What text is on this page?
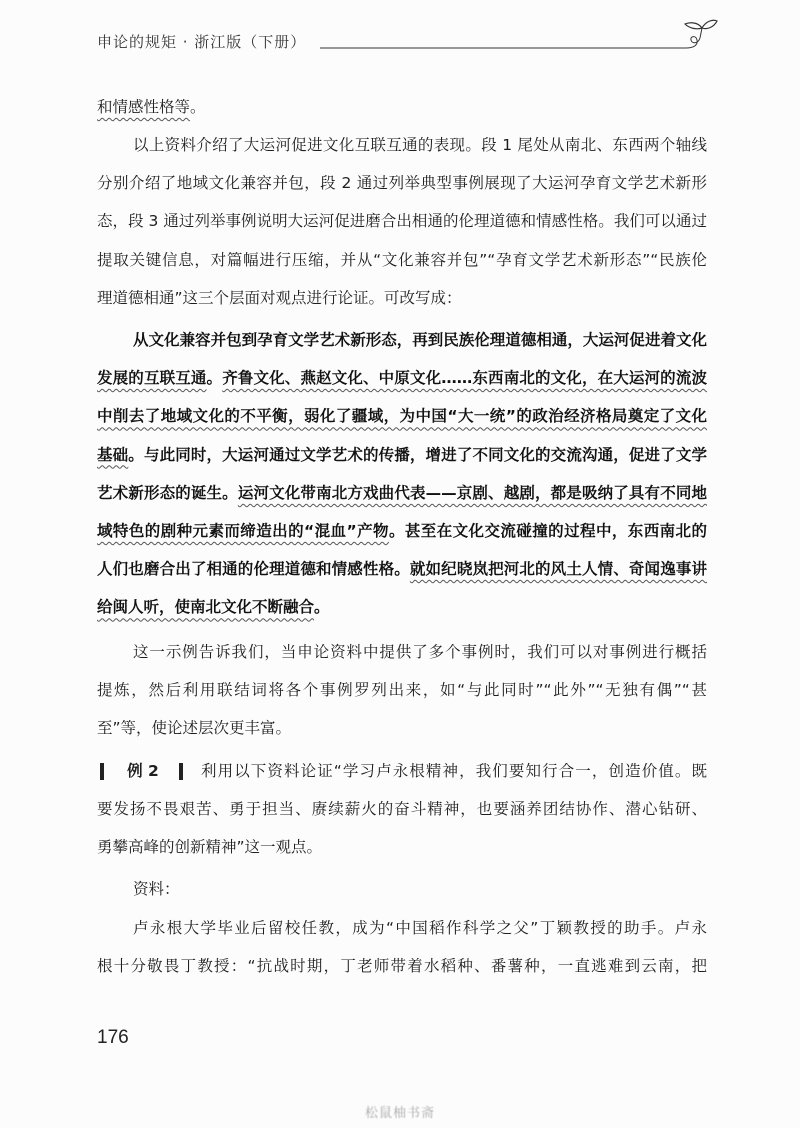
申论的规矩 · 浙江版（下册）
和情感性格等。
以上资料介绍了大运河促进文化互联互通的表现。段 1 尾处从南北、东西两个轴线
分别介绍了地域文化兼容并包，段 2 通过列举典型事例展现了大运河孕育文学艺术新形
态，段 3 通过列举事例说明大运河促进磨合出相通的伦理道德和情感性格。我们可以通过
提取关键信息，对篇幅进行压缩，并从“文化兼容并包”“孕育文学艺术新形态”“民族伦
理道德相通”这三个层面对观点进行论证。可改写成：
从文化兼容并包到孕育文学艺术新形态，再到民族伦理道德相通，大运河促进着文化
发展的互联互通。齐鲁文化、燕赵文化、中原文化……东西南北的文化，在大运河的流波
中削去了地域文化的不平衡，弱化了疆域，为中国“大一统”的政治经济格局奠定了文化
基础。与此同时，大运河通过文学艺术的传播，增进了不同文化的交流沟通，促进了文学
艺术新形态的诞生。运河文化带南北方戏曲代表——京剧、越剧，都是吸纳了具有不同地
域特色的剧种元素而缔造出的“混血”产物。甚至在文化交流碰撞的过程中，东西南北的
人们也磨合出了相通的伦理道德和情感性格。就如纪晓岚把河北的风土人情、奇闻逸事讲
给闽人听，使南北文化不断融合。
这一示例告诉我们，当申论资料中提供了多个事例时，我们可以对事例进行概括
提炼，然后利用联结词将各个事例罗列出来，如“与此同时”“此外”“无独有偶”“甚
至”等，使论述层次更丰富。
例 2	利用以下资料论证“学习卢永根精神，我们要知行合一，创造价值。既
要发扬不畏艰苦、勇于担当、赓续薪火的奋斗精神，也要涵养团结协作、潜心钻研、
勇攀高峰的创新精神”这一观点。
资料：
卢永根大学毕业后留校任教，成为“中国稻作科学之父”丁颖教授的助手。卢永
根十分敬畏丁教授：“抗战时期，丁老师带着水稻种、番薯种，一直逃难到云南，把
176
松鼠柚书斋
